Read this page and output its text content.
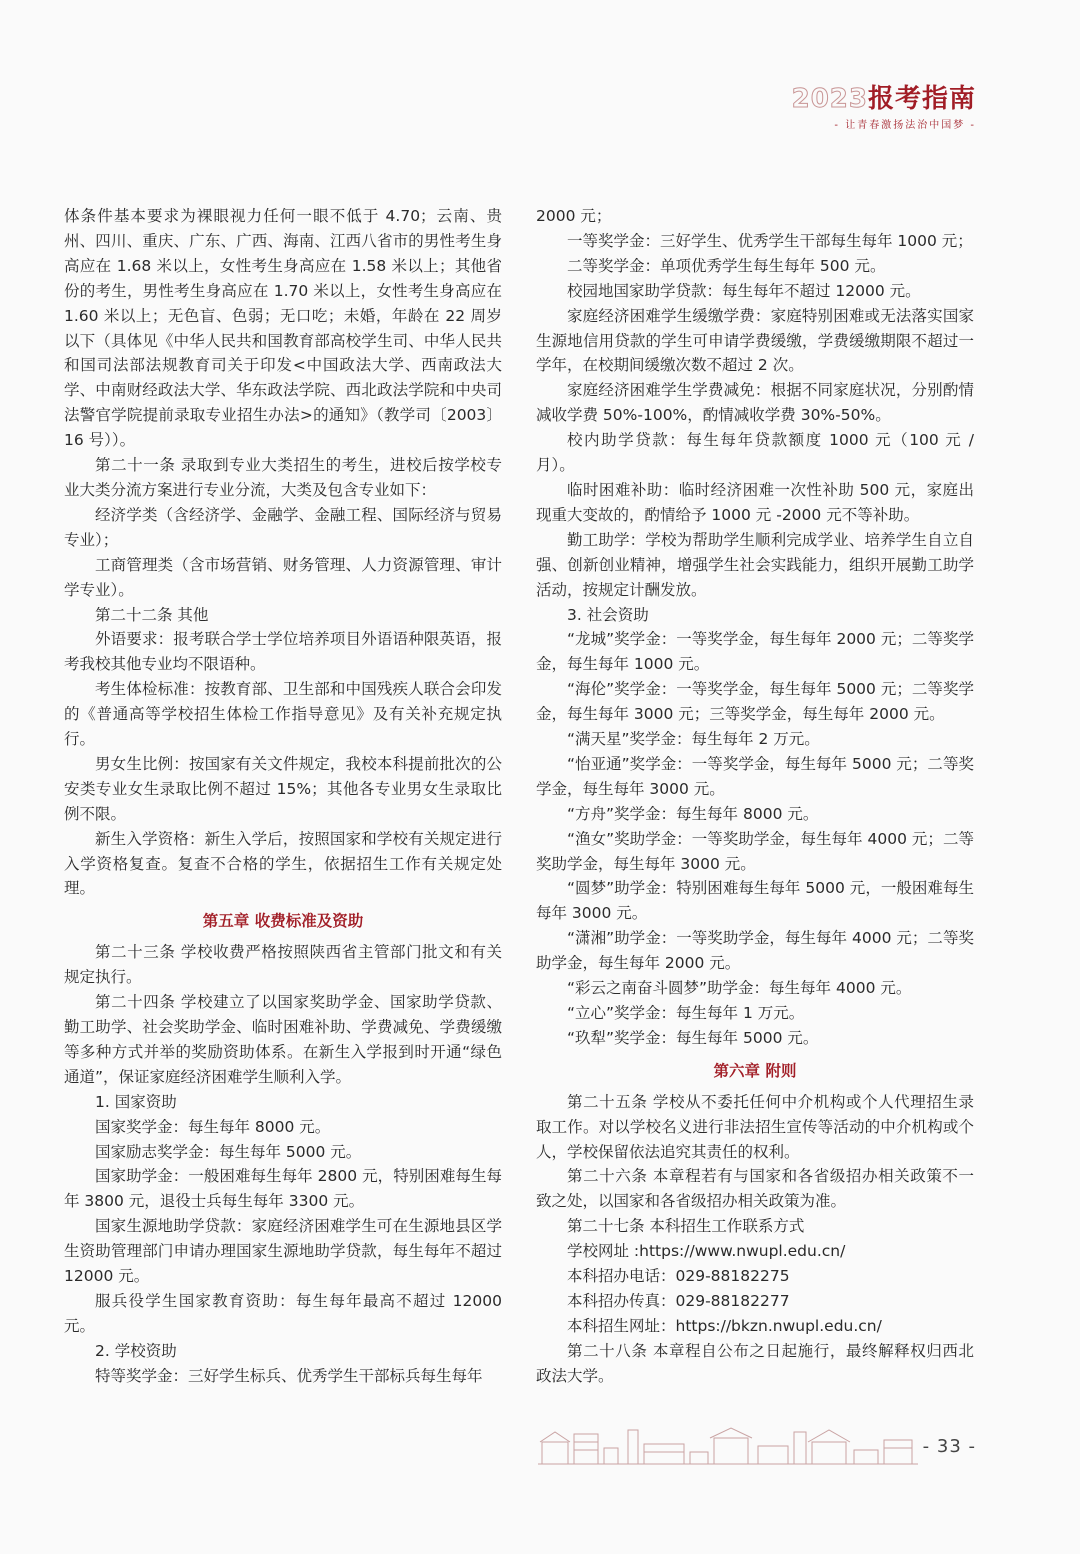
2023报考指南
- 让青春激扬法治中国梦 -

体条件基本要求为裸眼视力任何一眼不低于 4.70；云南、贵州、四川、重庆、广东、广西、海南、江西八省市的男性考生身高应在 1.68 米以上，女性考生身高应在 1.58 米以上；其他省份的考生，男性考生身高应在 1.70 米以上，女性考生身高应在 1.60 米以上；无色盲、色弱；无口吃；未婚，年龄在 22 周岁以下（具体见《中华人民共和国教育部高校学生司、中华人民共和国司法部法规教育司关于印发<中国政法大学、西南政法大学、中南财经政法大学、华东政法学院、西北政法学院和中央司法警官学院提前录取专业招生办法>的通知》（教学司〔2003〕16 号））。

第二十一条 录取到专业大类招生的考生，进校后按学校专业大类分流方案进行专业分流，大类及包含专业如下：

经济学类（含经济学、金融学、金融工程、国际经济与贸易专业）；

工商管理类（含市场营销、财务管理、人力资源管理、审计学专业）。

第二十二条 其他

外语要求：报考联合学士学位培养项目外语语种限英语，报考我校其他专业均不限语种。

考生体检标准：按教育部、卫生部和中国残疾人联合会印发的《普通高等学校招生体检工作指导意见》及有关补充规定执行。

男女生比例：按国家有关文件规定，我校本科提前批次的公安类专业女生录取比例不超过 15%；其他各专业男女生录取比例不限。

新生入学资格：新生入学后，按照国家和学校有关规定进行入学资格复查。复查不合格的学生，依据招生工作有关规定处理。

第五章 收费标准及资助

第二十三条 学校收费严格按照陕西省主管部门批文和有关规定执行。

第二十四条 学校建立了以国家奖助学金、国家助学贷款、勤工助学、社会奖助学金、临时困难补助、学费减免、学费缓缴等多种方式并举的奖励资助体系。在新生入学报到时开通“绿色通道”，保证家庭经济困难学生顺利入学。

1. 国家资助

国家奖学金：每生每年 8000 元。

国家励志奖学金：每生每年 5000 元。

国家助学金：一般困难每生每年 2800 元，特别困难每生每年 3800 元，退役士兵每生每年 3300 元。

国家生源地助学贷款：家庭经济困难学生可在生源地县区学生资助管理部门申请办理国家生源地助学贷款，每生每年不超过 12000 元。

服兵役学生国家教育资助：每生每年最高不超过 12000 元。

2. 学校资助

特等奖学金：三好学生标兵、优秀学生干部标兵每生每年

2000 元；

一等奖学金：三好学生、优秀学生干部每生每年 1000 元；

二等奖学金：单项优秀学生每生每年 500 元。

校园地国家助学贷款：每生每年不超过 12000 元。

家庭经济困难学生缓缴学费：家庭特别困难或无法落实国家生源地信用贷款的学生可申请学费缓缴，学费缓缴期限不超过一学年，在校期间缓缴次数不超过 2 次。

家庭经济困难学生学费减免：根据不同家庭状况，分别酌情减收学费 50%-100%，酌情减收学费 30%-50%。

校内助学贷款：每生每年贷款额度 1000 元（100 元 / 月）。

临时困难补助：临时经济困难一次性补助 500 元，家庭出现重大变故的，酌情给予 1000 元 -2000 元不等补助。

勤工助学：学校为帮助学生顺利完成学业、培养学生自立自强、创新创业精神，增强学生社会实践能力，组织开展勤工助学活动，按规定计酬发放。

3. 社会资助

“龙城”奖学金：一等奖学金，每生每年 2000 元；二等奖学金，每生每年 1000 元。

“海伦”奖学金：一等奖学金，每生每年 5000 元；二等奖学金，每生每年 3000 元；三等奖学金，每生每年 2000 元。

“满天星”奖学金：每生每年 2 万元。

“怡亚通”奖学金：一等奖学金，每生每年 5000 元；二等奖学金，每生每年 3000 元。

“方舟”奖学金：每生每年 8000 元。

“渔女”奖助学金：一等奖助学金，每生每年 4000 元；二等奖助学金，每生每年 3000 元。

“圆梦”助学金：特别困难每生每年 5000 元，一般困难每生每年 3000 元。

“潇湘”助学金：一等奖助学金，每生每年 4000 元；二等奖助学金，每生每年 2000 元。

“彩云之南奋斗圆梦”助学金：每生每年 4000 元。

“立心”奖学金：每生每年 1 万元。

“玖犁”奖学金：每生每年 5000 元。

第六章 附则

第二十五条 学校从不委托任何中介机构或个人代理招生录取工作。对以学校名义进行非法招生宣传等活动的中介机构或个人，学校保留依法追究其责任的权利。

第二十六条 本章程若有与国家和各省级招办相关政策不一致之处，以国家和各省级招办相关政策为准。

第二十七条 本科招生工作联系方式

学校网址 :https://www.nwupl.edu.cn/

本科招办电话：029-88182275

本科招办传真：029-88182277

本科招生网址：https://bkzn.nwupl.edu.cn/

第二十八条 本章程自公布之日起施行，最终解释权归西北政法大学。

- 33 -
